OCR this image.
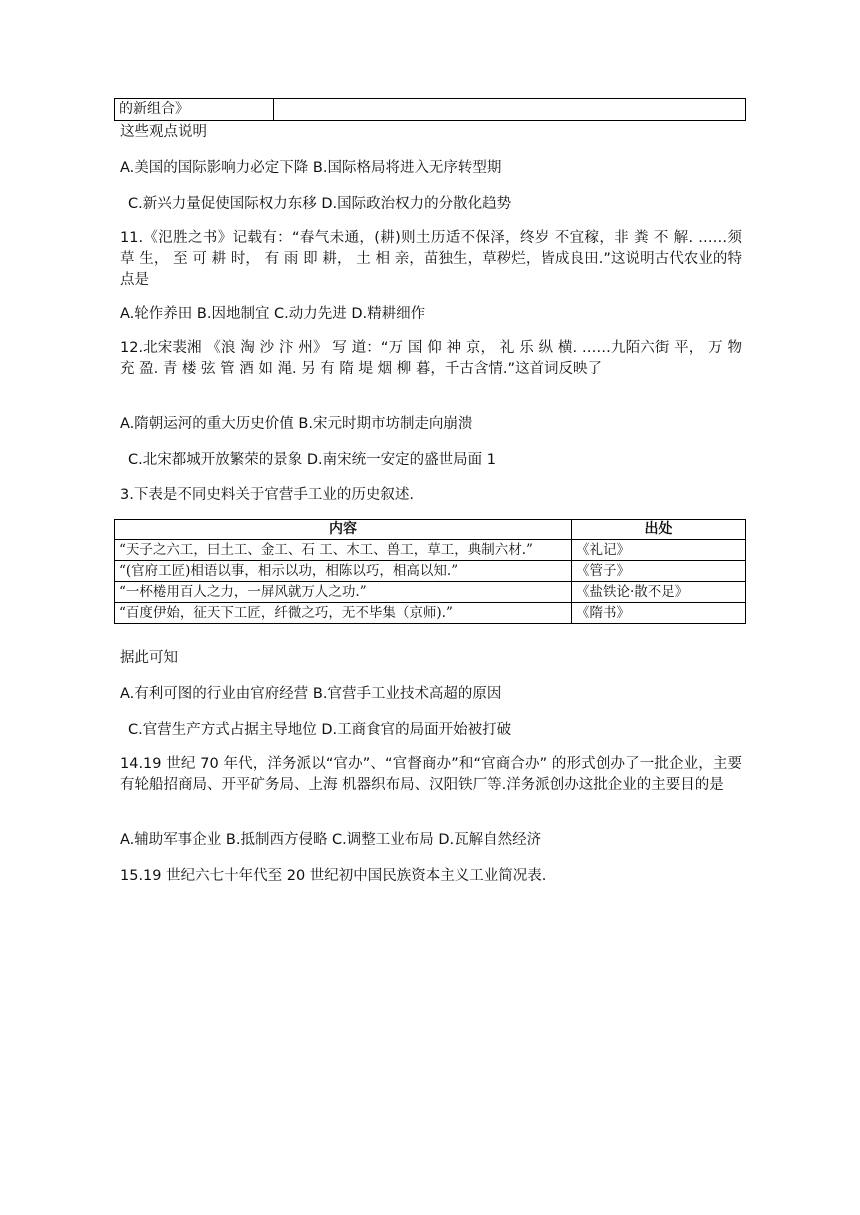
的新组合》	
这些观点说明
A.美国的国际影响力必定下降 B.国际格局将进入无序转型期
C.新兴力量促使国际权力东移 D.国际政治权力的分散化趋势
11.《氾胜之书》记载有：“春气未通，(耕)则土历适不保泽，终岁 不宜稼，非 粪 不 解. ……须 草 生， 至 可 耕 时， 有 雨 即 耕， 土 相 亲，苗独生，草秽烂，皆成良田.”这说明古代农业的特点是
A.轮作养田 B.因地制宜 C.动力先进 D.精耕细作
12.北宋裴湘 《浪 淘 沙 汴 州》 写 道：“万 国 仰 神 京， 礼 乐 纵 横. ……九陌六街 平， 万 物 充 盈. 青 楼 弦 管 酒 如 渑. 另 有 隋 堤 烟 柳 暮，千古含情.”这首词反映了
A.隋朝运河的重大历史价值 B.宋元时期市坊制走向崩溃
C.北宋都城开放繁荣的景象 D.南宋统一安定的盛世局面 1
3.下表是不同史料关于官营手工业的历史叙述.
内容	出处
“天子之六工，曰土工、金工、石 工、木工、兽工，草工，典制六材.”	《礼记》
“(官府工匠)相语以事，相示以功，相陈以巧，相高以知.”	《管子》
“一杯棬用百人之力，一屏风就万人之功.”	《盐铁论·散不足》
“百度伊始，征天下工匠，纤微之巧，无不毕集（京师).”	《隋书》
据此可知
A.有利可图的行业由官府经营 B.官营手工业技术高超的原因
C.官营生产方式占据主导地位 D.工商食官的局面开始被打破
14.19 世纪 70 年代，洋务派以“官办”、“官督商办”和“官商合办” 的形式创办了一批企业，主要有轮船招商局、开平矿务局、上海 机器织布局、汉阳铁厂等.洋务派创办这批企业的主要目的是
A.辅助军事企业 B.抵制西方侵略 C.调整工业布局 D.瓦解自然经济
15.19 世纪六七十年代至 20 世纪初中国民族资本主义工业简况表.
